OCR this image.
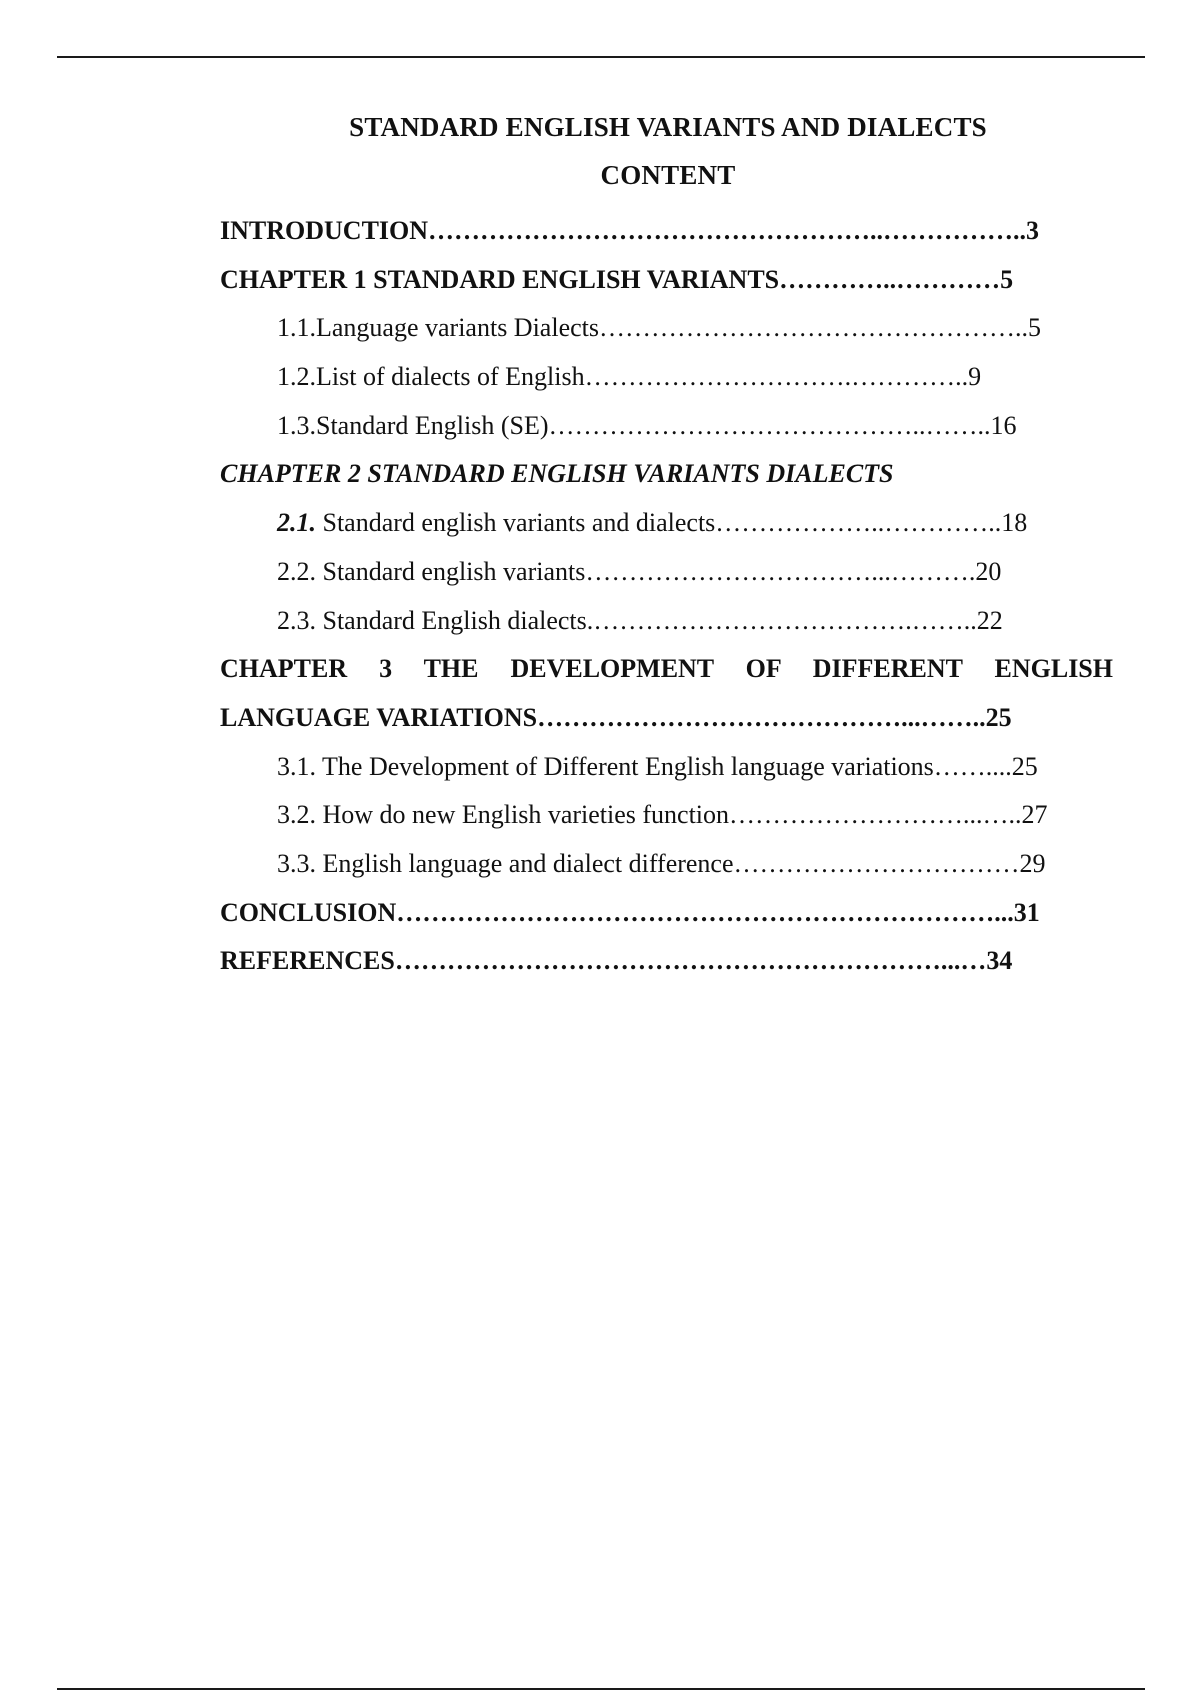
STANDARD ENGLISH VARIANTS AND DIALECTS
CONTENT
INTRODUCTION……………………………………………..……………..3
CHAPTER 1 STANDARD ENGLISH VARIANTS…………..…………5
1.1.Language variants Dialects…………………………………………..5
1.2.List of dialects of English………………………….…………..9
1.3.Standard English (SE)……………………………………..……..16
CHAPTER 2 STANDARD ENGLISH VARIANTS DIALECTS
2.1. Standard english variants and dialects………………..…………..18
2.2. Standard english variants……………………………...……….20
2.3. Standard English dialects.……………………………….……..22
CHAPTER 3 THE DEVELOPMENT OF DIFFERENT ENGLISH
LANGUAGE VARIATIONS……………………………………...……..25
3.1. The Development of Different English language variations……....25
3.2. How do new English varieties function………………………...…..27
3.3. English language and dialect difference……………………………29
CONCLUSION……………………………………………………………...31
REFERENCES………………………………………………………...…34
